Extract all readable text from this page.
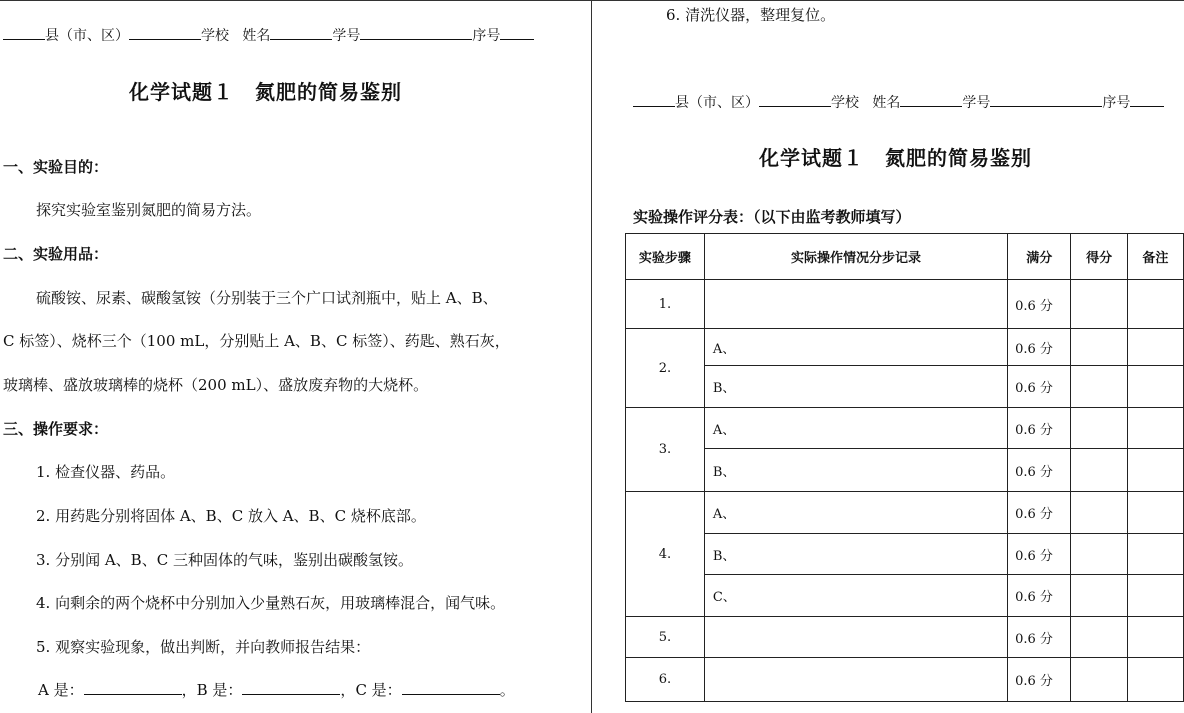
县（市、区）	学校 姓名	学号	序号
化学试题１　氮肥的简易鉴别
一、实验目的：
探究实验室鉴别氮肥的简易方法。
二、实验用品：
硫酸铵、尿素、碳酸氢铵（分别装于三个广口试剂瓶中，贴上 A、B、
C 标签）、烧杯三个（100 mL，分别贴上 A、B、C 标签）、药匙、熟石灰，
玻璃棒、盛放玻璃棒的烧杯（200 mL）、盛放废弃物的大烧杯。
三、操作要求：
1. 检查仪器、药品。
2. 用药匙分别将固体 A、B、C 放入 A、B、C 烧杯底部。
3. 分别闻 A、B、C 三种固体的气味，鉴别出碳酸氢铵。
4. 向剩余的两个烧杯中分别加入少量熟石灰，用玻璃棒混合，闻气味。
5. 观察实验现象，做出判断，并向教师报告结果：
A 是：	，B 是：	，C 是：	。
6. 清洗仪器，整理复位。
县（市、区）	学校 姓名	学号	序号
化学试题１　氮肥的简易鉴别
实验操作评分表：（以下由监考教师填写）
实验步骤	实际操作情况分步记录	满分	得分	备注
1.		0.6 分		
2.	A、	0.6 分		
	B、	0.6 分		
3.	A、	0.6 分		
	B、	0.6 分		
4.	A、	0.6 分		
	B、	0.6 分		
	C、	0.6 分		
5.		0.6 分		
6.		0.6 分		
